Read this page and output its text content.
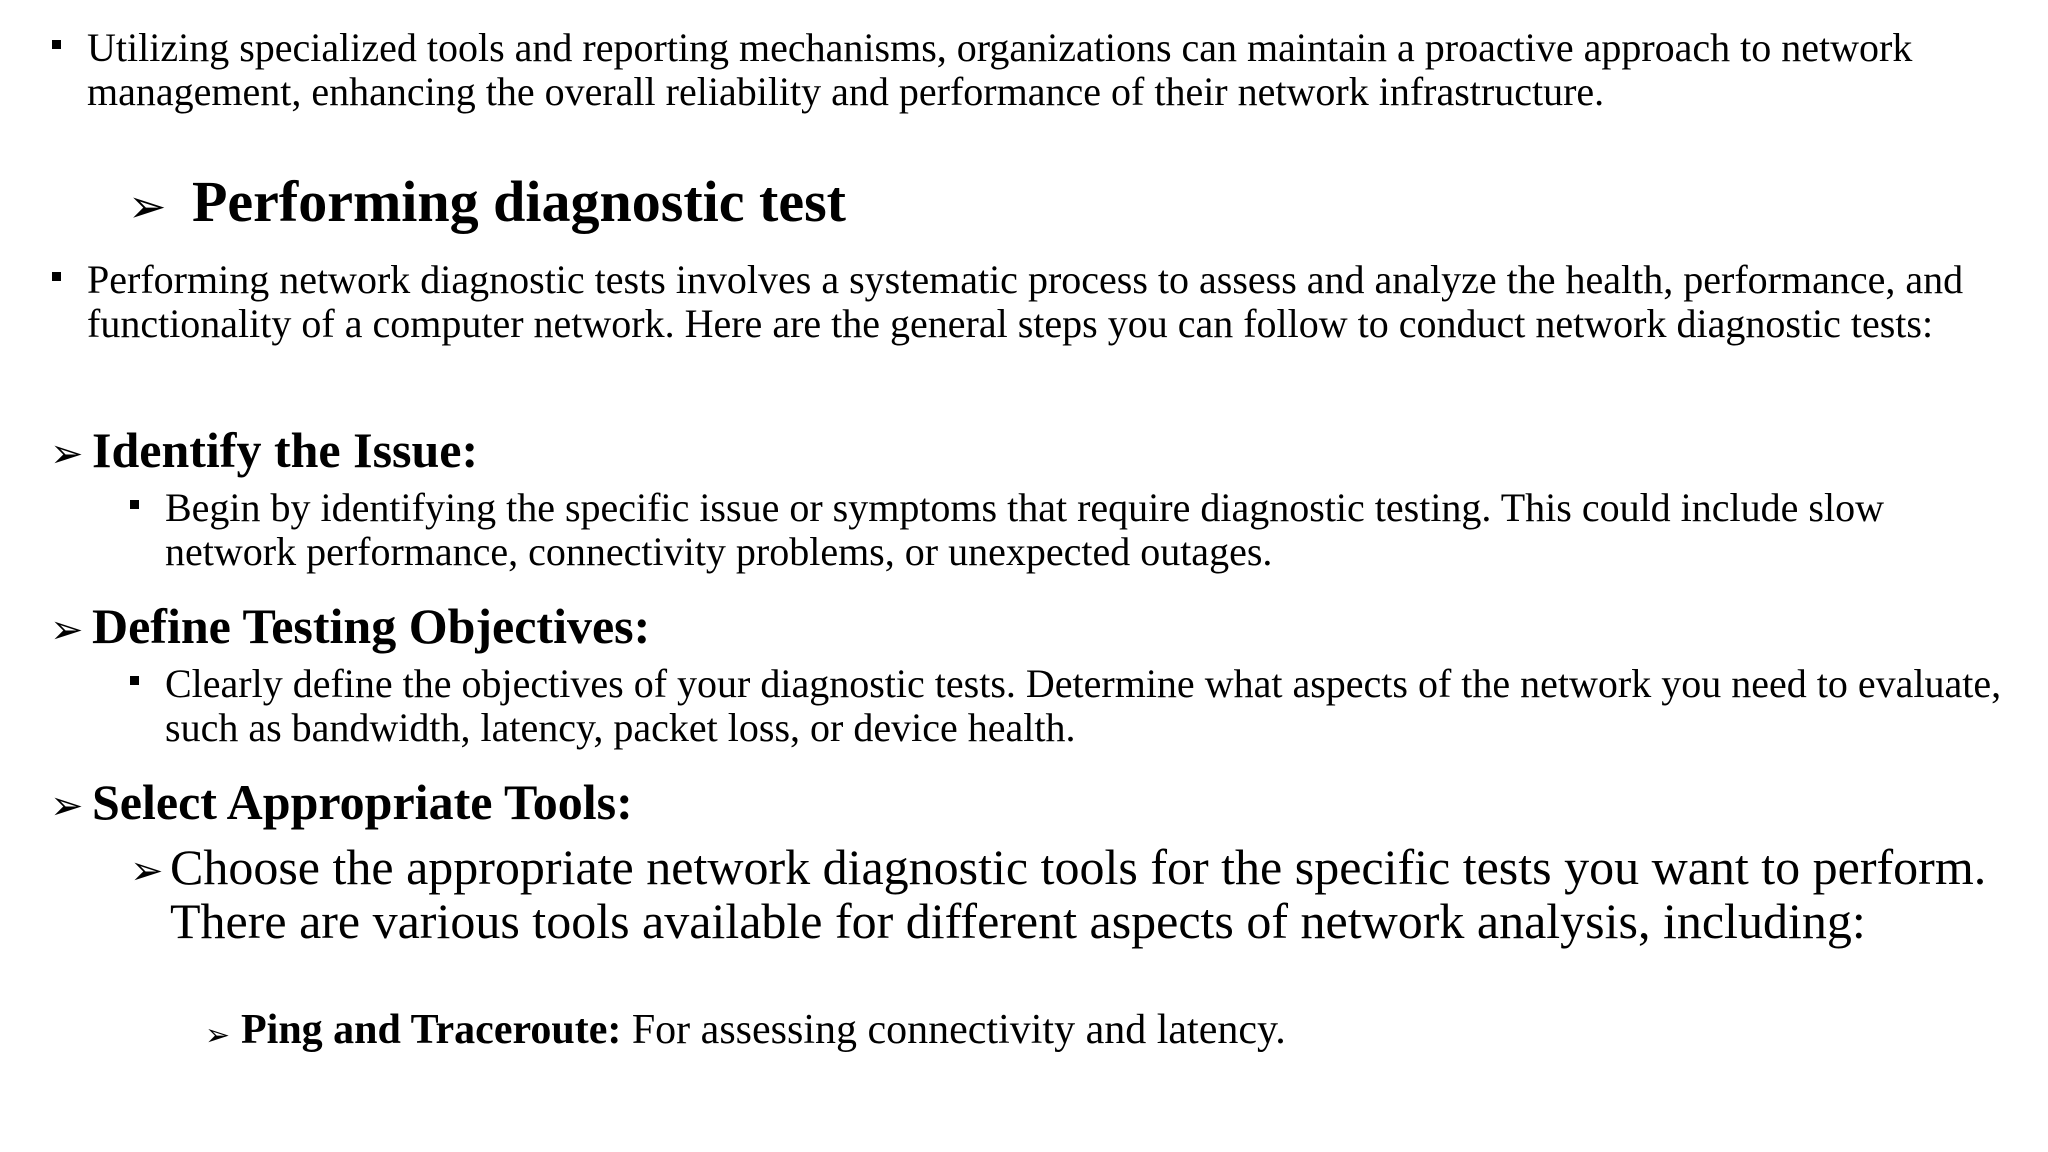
Utilizing specialized tools and reporting mechanisms, organizations can maintain a proactive approach to network management, enhancing the overall reliability and performance of their network infrastructure.
➢ Performing diagnostic test
Performing network diagnostic tests involves a systematic process to assess and analyze the health, performance, and functionality of a computer network. Here are the general steps you can follow to conduct network diagnostic tests:
➢ Identify the Issue:
Begin by identifying the specific issue or symptoms that require diagnostic testing. This could include slow network performance, connectivity problems, or unexpected outages.
➢ Define Testing Objectives:
Clearly define the objectives of your diagnostic tests. Determine what aspects of the network you need to evaluate, such as bandwidth, latency, packet loss, or device health.
➢ Select Appropriate Tools:
➢ Choose the appropriate network diagnostic tools for the specific tests you want to perform. There are various tools available for different aspects of network analysis, including:
➢ Ping and Traceroute: For assessing connectivity and latency.
